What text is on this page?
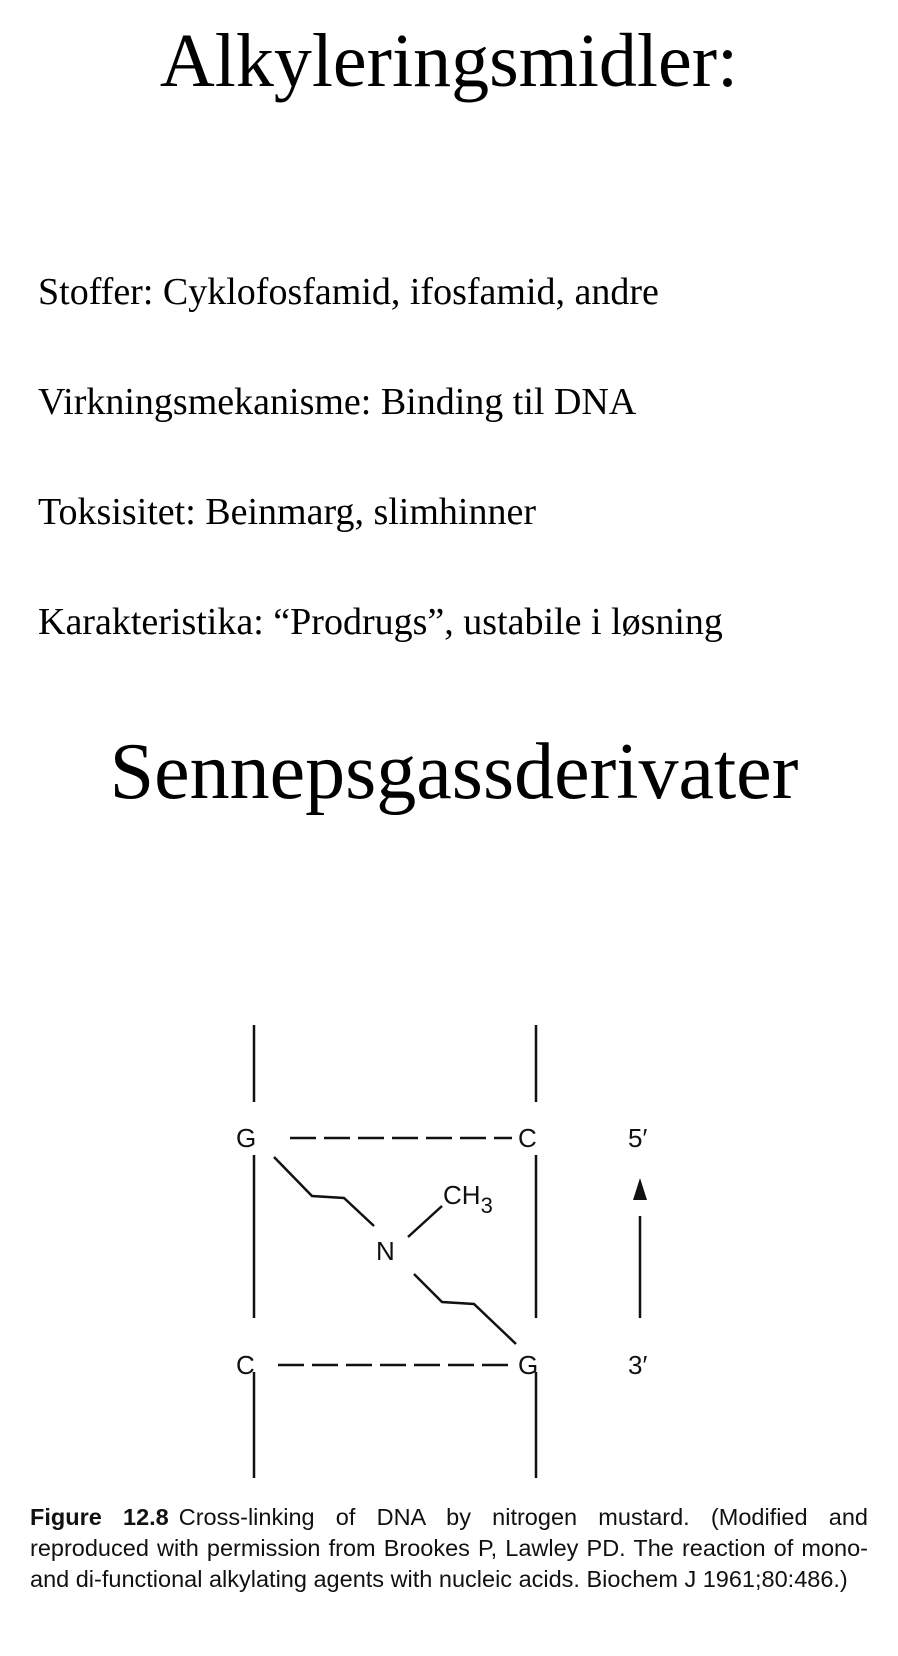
Alkyleringsmidler:
Stoffer: Cyklofosfamid, ifosfamid, andre
Virkningsmekanisme: Binding til DNA
Toksisitet: Beinmarg, slimhinner
Karakteristika: “Prodrugs”, ustabile i løsning
Sennepsgassderivater
G	C
C	G
N
$CH_3$
5′
3′

Figure 12.8 Cross-linking of DNA by nitrogen mustard. (Modified and reproduced with permission from Brookes P, Lawley PD. The reaction of mono- and di-functional alkylating agents with nucleic acids. Biochem J 1961;80:486.)
